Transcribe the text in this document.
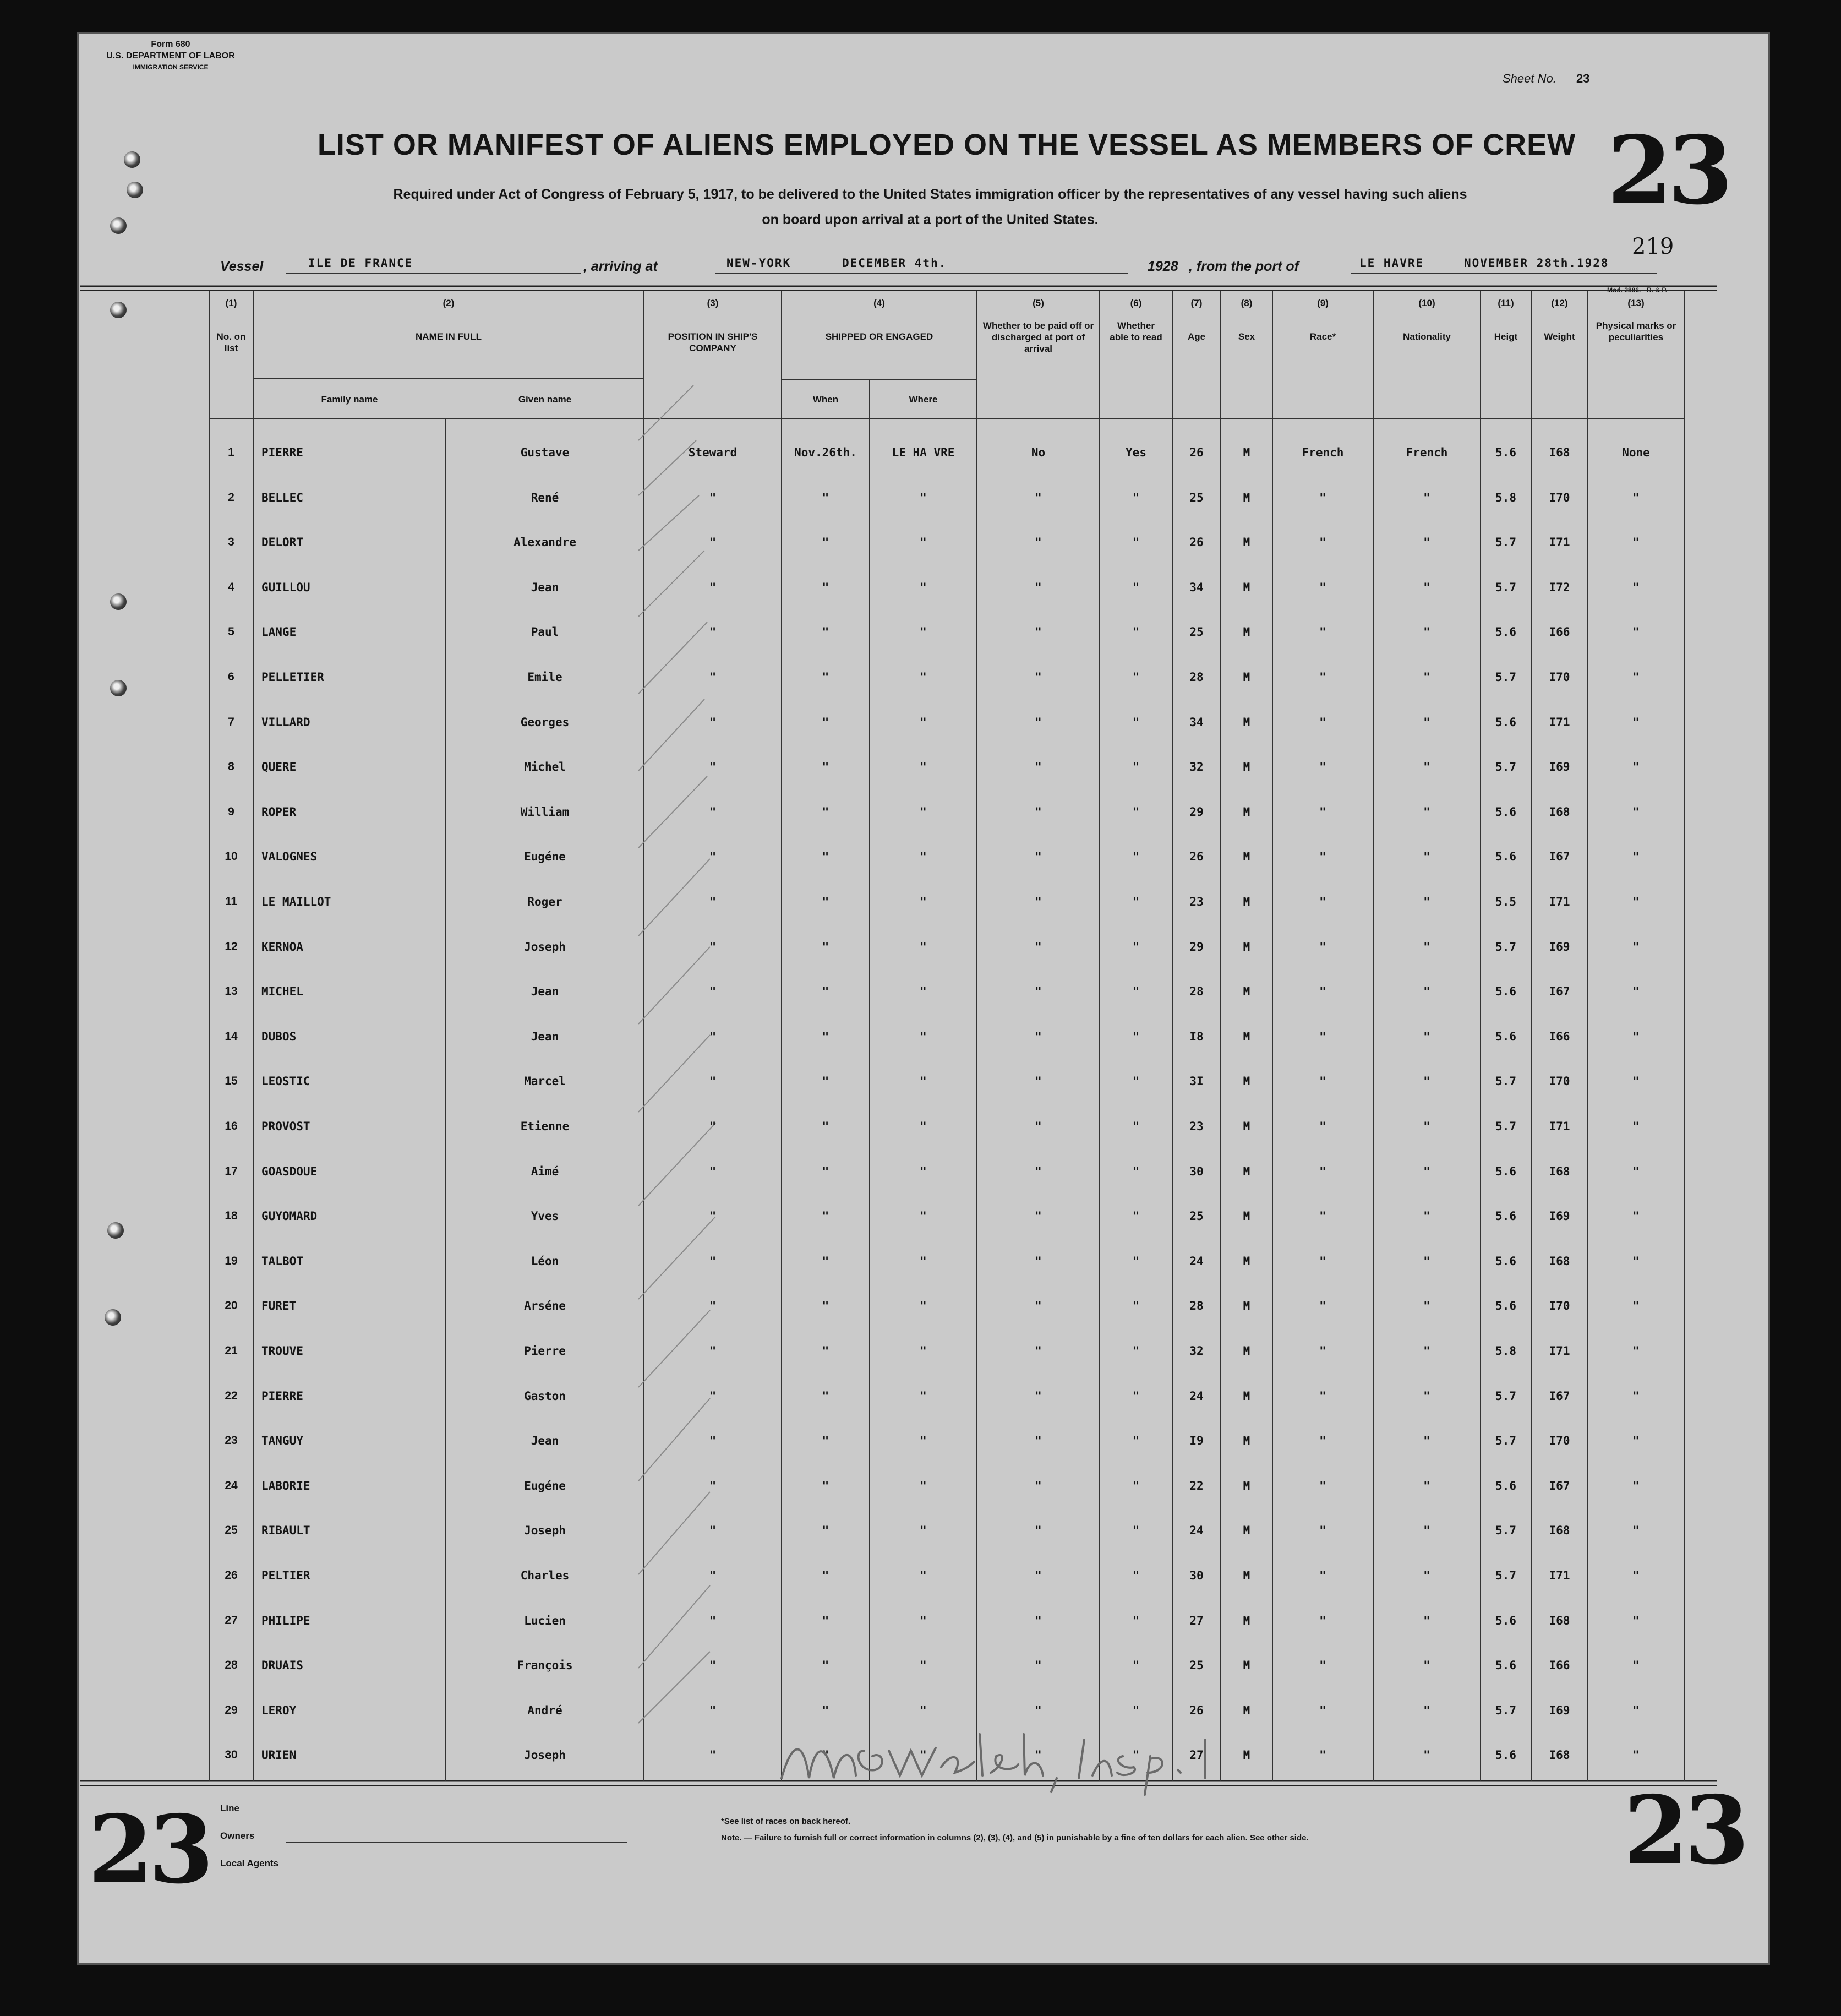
Form 680
U.S. DEPARTMENT OF LABOR
IMMIGRATION SERVICE
Sheet No. 23
23
219
LIST OR MANIFEST OF ALIENS EMPLOYED ON THE VESSEL AS MEMBERS OF CREW
Required under Act of Congress of February 5, 1917, to be delivered to the United States immigration officer by the representatives of any vessel having such aliens
on board upon arrival at a port of the United States.
Vessel	ILE DE FRANCE	, arriving at	NEW-YORK	DECEMBER 4th.	1928 , from the port of	LE HAVRE	NOVEMBER 28th.1928
Mod. 2886. - R. & P.
(1)
No. on list
(2)
NAME IN FULL
Family name	Given name
(3)
POSITION IN SHIP'S COMPANY
(4)
SHIPPED OR ENGAGED
When	Where
(5)
Whether to be paid off or discharged at port of arrival
(6)
Whether able to read
(7)
Age
(8)
Sex
(9)
Race*
(10)
Nationality
(11)
Heigt
(12)
Weight
(13)
Physical marks or peculiarities
1	PIERRE	Gustave	Steward	Nov.26th.	LE HA VRE	No	Yes	26	M	French	French	5.6	I68	None
2	BELLEC	René	"	"	"	"	"	25	M	"	"	5.8	I70	"
3	DELORT	Alexandre	"	"	"	"	"	26	M	"	"	5.7	I71	"
4	GUILLOU	Jean	"	"	"	"	"	34	M	"	"	5.7	I72	"
5	LANGE	Paul	"	"	"	"	"	25	M	"	"	5.6	I66	"
6	PELLETIER	Emile	"	"	"	"	"	28	M	"	"	5.7	I70	"
7	VILLARD	Georges	"	"	"	"	"	34	M	"	"	5.6	I71	"
8	QUERE	Michel	"	"	"	"	"	32	M	"	"	5.7	I69	"
9	ROPER	William	"	"	"	"	"	29	M	"	"	5.6	I68	"
10	VALOGNES	Eugéne	"	"	"	"	"	26	M	"	"	5.6	I67	"
11	LE MAILLOT	Roger	"	"	"	"	"	23	M	"	"	5.5	I71	"
12	KERNOA	Joseph	"	"	"	"	"	29	M	"	"	5.7	I69	"
13	MICHEL	Jean	"	"	"	"	"	28	M	"	"	5.6	I67	"
14	DUBOS	Jean	"	"	"	"	"	I8	M	"	"	5.6	I66	"
15	LEOSTIC	Marcel	"	"	"	"	"	3I	M	"	"	5.7	I70	"
16	PROVOST	Etienne	"	"	"	"	"	23	M	"	"	5.7	I71	"
17	GOASDOUE	Aimé	"	"	"	"	"	30	M	"	"	5.6	I68	"
18	GUYOMARD	Yves	"	"	"	"	"	25	M	"	"	5.6	I69	"
19	TALBOT	Léon	"	"	"	"	"	24	M	"	"	5.6	I68	"
20	FURET	Arséne	"	"	"	"	"	28	M	"	"	5.6	I70	"
21	TROUVE	Pierre	"	"	"	"	"	32	M	"	"	5.8	I71	"
22	PIERRE	Gaston	"	"	"	"	"	24	M	"	"	5.7	I67	"
23	TANGUY	Jean	"	"	"	"	"	I9	M	"	"	5.7	I70	"
24	LABORIE	Eugéne	"	"	"	"	"	22	M	"	"	5.6	I67	"
25	RIBAULT	Joseph	"	"	"	"	"	24	M	"	"	5.7	I68	"
26	PELTIER	Charles	"	"	"	"	"	30	M	"	"	5.7	I71	"
27	PHILIPE	Lucien	"	"	"	"	"	27	M	"	"	5.6	I68	"
28	DRUAIS	François	"	"	"	"	"	25	M	"	"	5.6	I66	"
29	LEROY	André	"	"	"	"	"	26	M	"	"	5.7	I69	"
30	URIEN	Joseph	"	"	"	"	"	27	M	"	"	5.6	I68	"
23	23
Line
Owners
Local Agents
*See list of races on back hereof.
Note. — Failure to furnish full or correct information in columns (2), (3), (4), and (5) in punishable by a fine of ten dollars for each alien. See other side.
